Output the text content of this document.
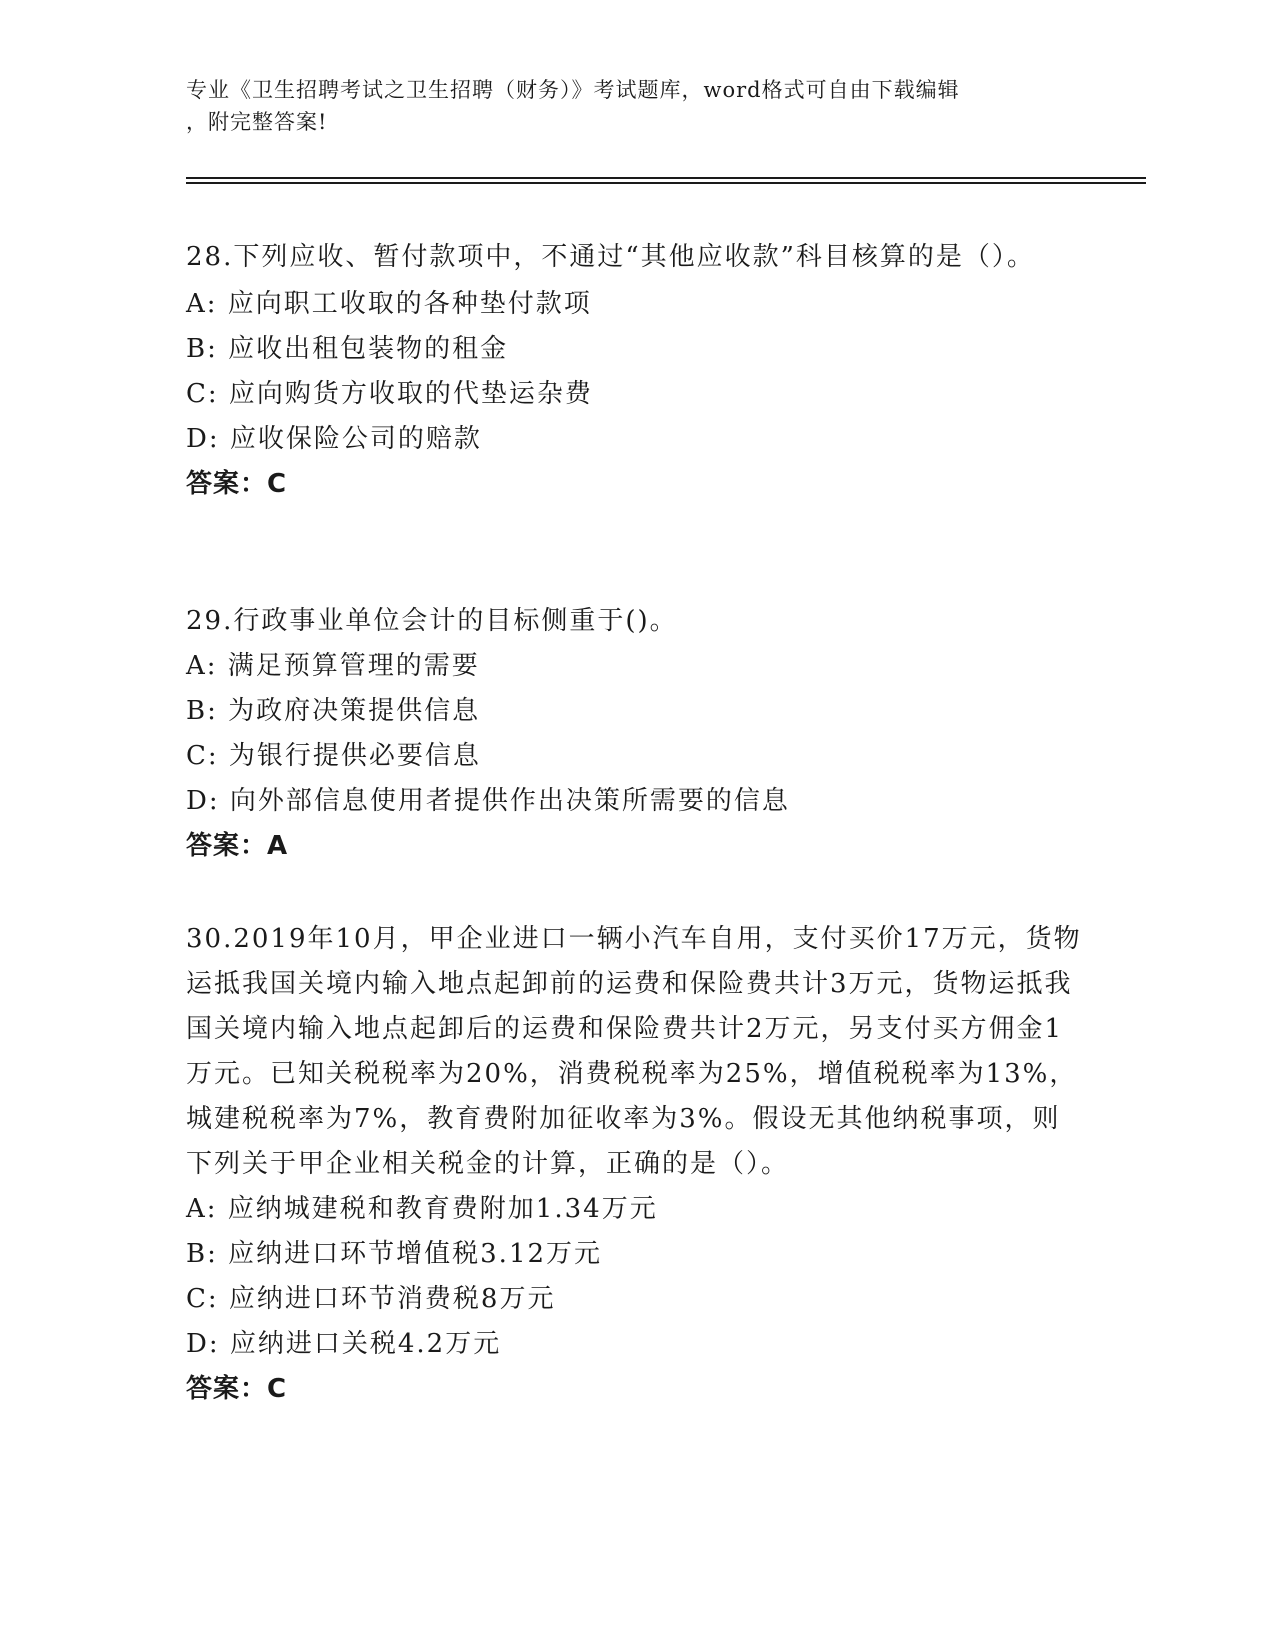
专业《卫生招聘考试之卫生招聘（财务）》考试题库，word格式可自由下载编辑
，附完整答案!

28.下列应收、暂付款项中，不通过“其他应收款”科目核算的是（）。

A: 应向职工收取的各种垫付款项

B: 应收出租包装物的租金

C: 应向购货方收取的代垫运杂费

D: 应收保险公司的赔款

答案：C

29.行政事业单位会计的目标侧重于()。

A: 满足预算管理的需要

B: 为政府决策提供信息

C: 为银行提供必要信息

D: 向外部信息使用者提供作出决策所需要的信息

答案：A

30.2019年10月，甲企业进口一辆小汽车自用，支付买价17万元，货物运抵我国关境内输入地点起卸前的运费和保险费共计3万元，货物运抵我国关境内输入地点起卸后的运费和保险费共计2万元，另支付买方佣金1万元。已知关税税率为20%，消费税税率为25%，增值税税率为13%，城建税税率为7%，教育费附加征收率为3%。假设无其他纳税事项，则下列关于甲企业相关税金的计算，正确的是（）。

A: 应纳城建税和教育费附加1.34万元

B: 应纳进口环节增值税3.12万元

C: 应纳进口环节消费税8万元

D: 应纳进口关税4.2万元

答案：C
